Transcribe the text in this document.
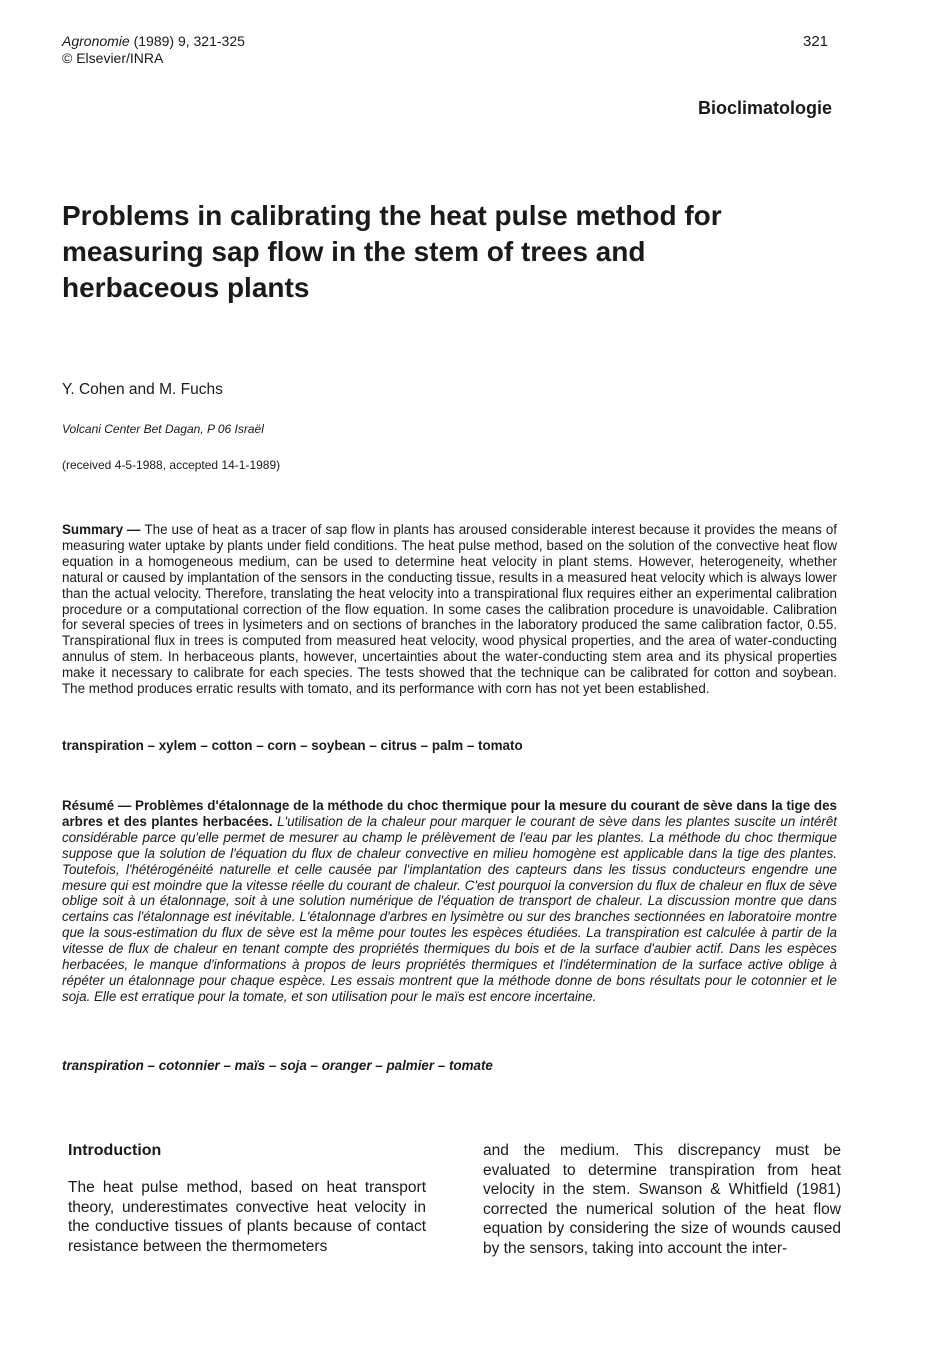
Agronomie (1989) 9, 321-325
© Elsevier/INRA
321
Bioclimatologie
Problems in calibrating the heat pulse method for measuring sap flow in the stem of trees and herbaceous plants
Y. Cohen and M. Fuchs
Volcani Center Bet Dagan, P 06 Israël
(received 4-5-1988, accepted 14-1-1989)

Summary — The use of heat as a tracer of sap flow in plants has aroused considerable interest because it provides the means of measuring water uptake by plants under field conditions. The heat pulse method, based on the solution of the convective heat flow equation in a homogeneous medium, can be used to determine heat velocity in plant stems. However, heterogeneity, whether natural or caused by implantation of the sensors in the conducting tissue, results in a measured heat velocity which is always lower than the actual velocity. Therefore, translating the heat velocity into a transpirational flux requires either an experimental calibration procedure or a computational correction of the flow equation. In some cases the calibration procedure is unavoidable. Calibration for several species of trees in lysimeters and on sections of branches in the laboratory produced the same calibration factor, 0.55. Transpirational flux in trees is computed from measured heat velocity, wood physical properties, and the area of water-conducting annulus of stem. In herbaceous plants, however, uncertainties about the water-conducting stem area and its physical properties make it necessary to calibrate for each species. The tests showed that the technique can be calibrated for cotton and soybean. The method produces erratic results with tomato, and its performance with corn has not yet been established.

transpiration – xylem – cotton – corn – soybean – citrus – palm – tomato

Résumé — Problèmes d'étalonnage de la méthode du choc thermique pour la mesure du courant de sève dans la tige des arbres et des plantes herbacées. L'utilisation de la chaleur pour marquer le courant de sève dans les plantes suscite un intérêt considérable parce qu'elle permet de mesurer au champ le prélèvement de l'eau par les plantes. La méthode du choc thermique suppose que la solution de l'équation du flux de chaleur convective en milieu homogène est applicable dans la tige des plantes. Toutefois, l'hétérogénéité naturelle et celle causée par l'implantation des capteurs dans les tissus conducteurs engendre une mesure qui est moindre que la vitesse réelle du courant de chaleur. C'est pourquoi la conversion du flux de chaleur en flux de sève oblige soit à un étalonnage, soit à une solution numérique de l'équation de transport de chaleur. La discussion montre que dans certains cas l'étalonnage est inévitable. L'étalonnage d'arbres en lysimètre ou sur des branches sectionnées en laboratoire montre que la sous-estimation du flux de sève est la même pour toutes les espèces étudiées. La transpiration est calculée à partir de la vitesse de flux de chaleur en tenant compte des propriétés thermiques du bois et de la surface d'aubier actif. Dans les espèces herbacées, le manque d'informations à propos de leurs propriétés thermiques et l'indétermination de la surface active oblige à répéter un étalonnage pour chaque espèce. Les essais montrent que la méthode donne de bons résultats pour le cotonnier et le soja. Elle est erratique pour la tomate, et son utilisation pour le maïs est encore incertaine.

transpiration – cotonnier – maïs – soja – oranger – palmier – tomate
Introduction

The heat pulse method, based on heat transport theory, underestimates convective heat velocity in the conductive tissues of plants because of contact resistance between the thermometers

and the medium. This discrepancy must be evaluated to determine transpiration from heat velocity in the stem. Swanson & Whitfield (1981) corrected the numerical solution of the heat flow equation by considering the size of wounds caused by the sensors, taking into account the inter-
